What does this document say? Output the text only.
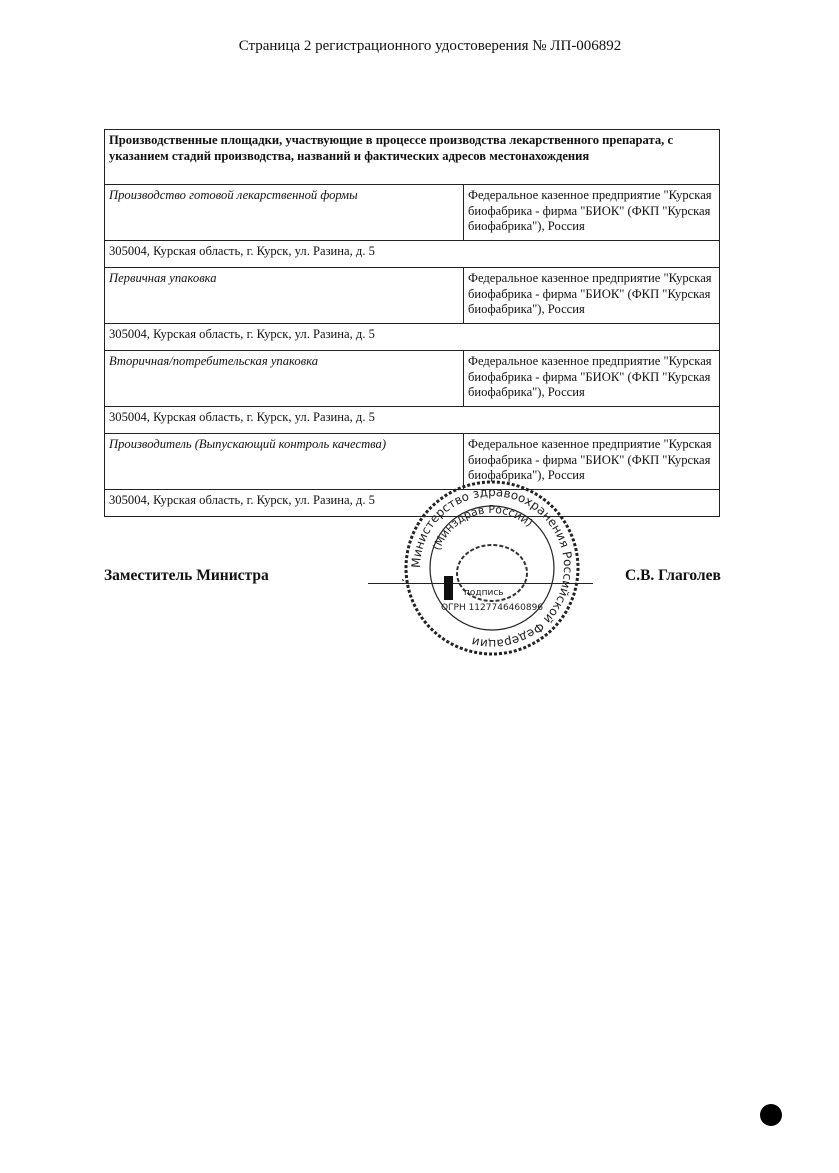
Страница 2 регистрационного удостоверения № ЛП-006892
Производственные площадки, участвующие в процессе производства лекарственного препарата, с указанием стадий производства, названий и фактических адресов местонахождения	
Производство готовой лекарственной формы	Федеральное казенное предприятие "Курская биофабрика - фирма "БИОК" (ФКП "Курская биофабрика"), Россия
305004, Курская область, г. Курск, ул. Разина, д. 5	
Первичная упаковка	Федеральное казенное предприятие "Курская биофабрика - фирма "БИОК" (ФКП "Курская биофабрика"), Россия
305004, Курская область, г. Курск, ул. Разина, д. 5	
Вторичная/потребительская упаковка	Федеральное казенное предприятие "Курская биофабрика - фирма "БИОК" (ФКП "Курская биофабрика"), Россия
305004, Курская область, г. Курск, ул. Разина, д. 5	
Производитель (Выпускающий контроль качества)	Федеральное казенное предприятие "Курская биофабрика - фирма "БИОК" (ФКП "Курская биофабрика"), Россия
305004, Курская область, г. Курск, ул. Разина, д. 5	
Заместитель Министра
Министерство здравоохранения Российской Федерации
(Минздрав России)
ОГРН 1127746460896
подпись
С.В. Глаголев
